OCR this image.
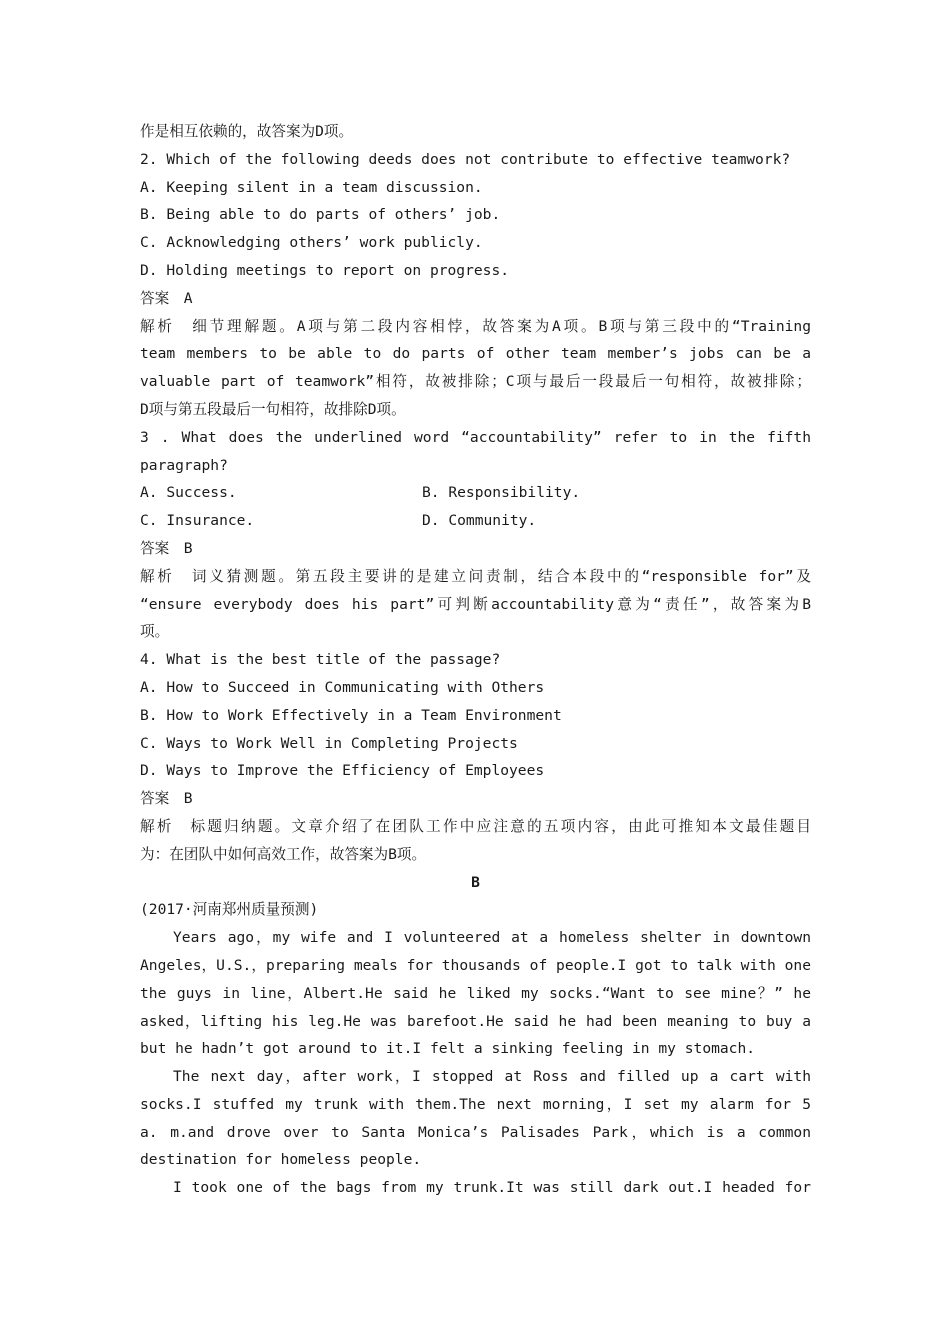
作是相互依赖的，故答案为D项。
2. Which of the following deeds does not contribute to effective teamwork?
A. Keeping silent in a team discussion.
B. Being able to do parts of others’ job.
C. Acknowledging others’ work publicly.
D. Holding meetings to report on progress.
答案　A
解析　细节理解题。A项与第二段内容相悖，故答案为A项。B项与第三段中的“Training
team members to be able to do parts of other team member’s jobs can be a
valuable part of teamwork”相符，故被排除；C项与最后一段最后一句相符，故被排除；
D项与第五段最后一句相符，故排除D项。
3 . What does the underlined word “accountability” refer to in the fifth
paragraph?
A. Success.	B. Responsibility.
C. Insurance.	D. Community.
答案　B
解析　词义猜测题。第五段主要讲的是建立问责制，结合本段中的“responsible for”及
“ensure everybody does his part”可判断accountability意为“责任”，故答案为B
项。
4. What is the best title of the passage?
A. How to Succeed in Communicating with Others
B. How to Work Effectively in a Team Environment
C. Ways to Work Well in Completing Projects
D. Ways to Improve the Efficiency of Employees
答案　B
解析　标题归纳题。文章介绍了在团队工作中应注意的五项内容，由此可推知本文最佳题目
为：在团队中如何高效工作，故答案为B项。
B
(2017·河南郑州质量预测)
Years ago，my wife and I volunteered at a homeless shelter in downtown
Angeles，U.S.，preparing meals for thousands of people.I got to talk with one
the guys in line，Albert.He said he liked my socks.“Want to see mine？” he
asked，lifting his leg.He was barefoot.He said he had been meaning to buy a
but he hadn’t got around to it.I felt a sinking feeling in my stomach.
The next day，after work，I stopped at Ross and filled up a cart with
socks.I stuffed my trunk with them.The next morning，I set my alarm for 5
a. m.and drove over to Santa Monica’s Palisades Park，which is a common
destination for homeless people.
I took one of the bags from my trunk.It was still dark out.I headed for
